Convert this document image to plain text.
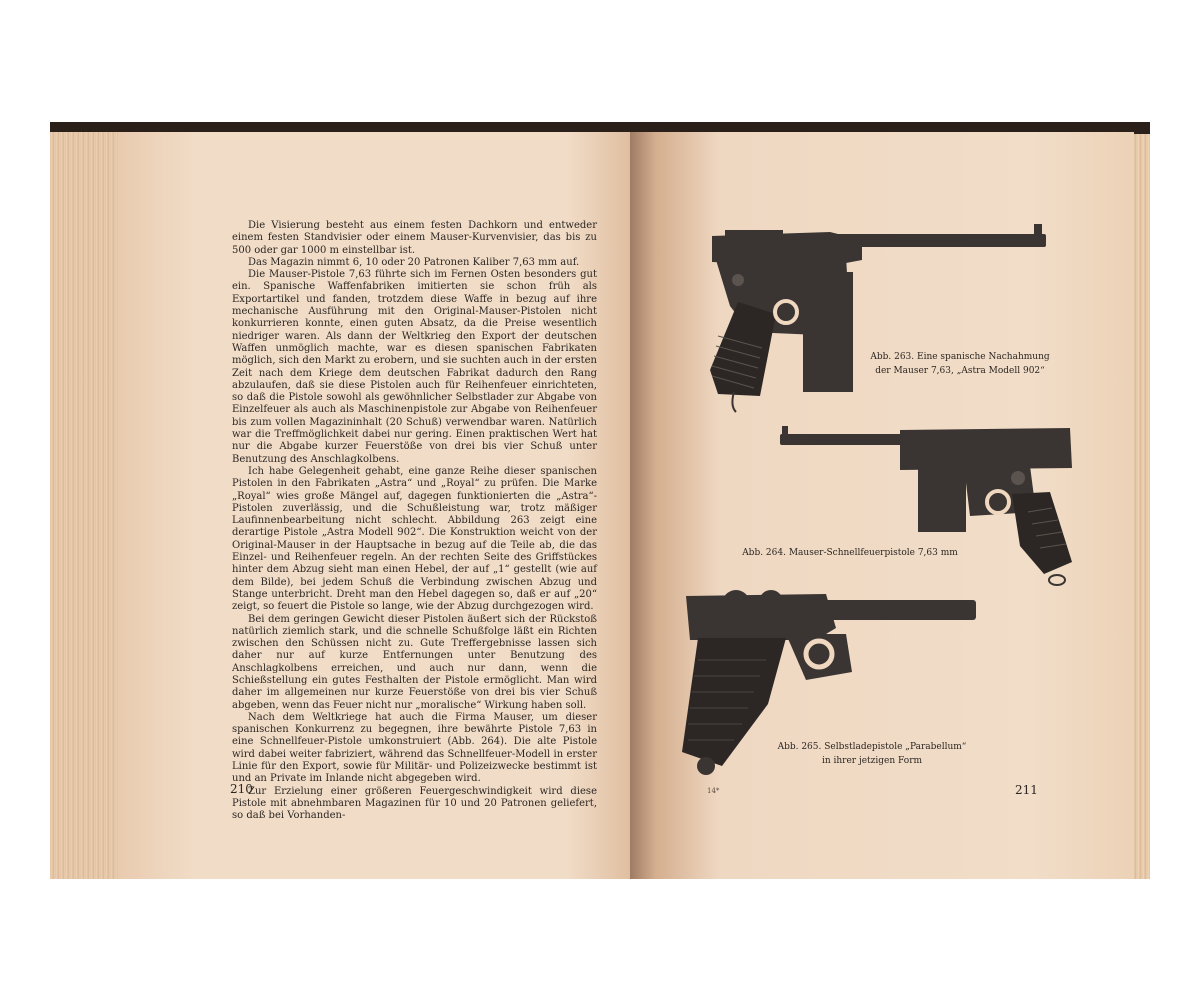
Die Visierung besteht aus einem festen Dachkorn und entweder einem festen Standvisier oder einem Mauser-Kurvenvisier, das bis zu 500 oder gar 1000 m einstellbar ist.

Das Magazin nimmt 6, 10 oder 20 Patronen Kaliber 7,63 mm auf.

Die Mauser-Pistole 7,63 führte sich im Fernen Osten besonders gut ein. Spanische Waffenfabriken imitierten sie schon früh als Exportartikel und fanden, trotzdem diese Waffe in bezug auf ihre mechanische Ausführung mit den Original-Mauser-Pistolen nicht konkurrieren konnte, einen guten Absatz, da die Preise wesentlich niedriger waren. Als dann der Weltkrieg den Export der deutschen Waffen unmöglich machte, war es diesen spanischen Fabrikaten möglich, sich den Markt zu erobern, und sie suchten auch in der ersten Zeit nach dem Kriege dem deutschen Fabrikat dadurch den Rang abzulaufen, daß sie diese Pistolen auch für Reihenfeuer einrichteten, so daß die Pistole sowohl als gewöhnlicher Selbstlader zur Abgabe von Einzelfeuer als auch als Maschinenpistole zur Abgabe von Reihenfeuer bis zum vollen Magazininhalt (20 Schuß) verwendbar waren. Natürlich war die Treffmöglichkeit dabei nur gering. Einen praktischen Wert hat nur die Abgabe kurzer Feuerstöße von drei bis vier Schuß unter Benutzung des Anschlagkolbens.

Ich habe Gelegenheit gehabt, eine ganze Reihe dieser spanischen Pistolen in den Fabrikaten „Astra“ und „Royal“ zu prüfen. Die Marke „Royal“ wies große Mängel auf, dagegen funktionierten die „Astra“-Pistolen zuverlässig, und die Schußleistung war, trotz mäßiger Laufinnenbearbeitung nicht schlecht. Abbildung 263 zeigt eine derartige Pistole „Astra Modell 902“. Die Konstruktion weicht von der Original-Mauser in der Hauptsache in bezug auf die Teile ab, die das Einzel- und Reihenfeuer regeln. An der rechten Seite des Griffstückes hinter dem Abzug sieht man einen Hebel, der auf „1“ gestellt (wie auf dem Bilde), bei jedem Schuß die Verbindung zwischen Abzug und Stange unterbricht. Dreht man den Hebel dagegen so, daß er auf „20“ zeigt, so feuert die Pistole so lange, wie der Abzug durchgezogen wird.

Bei dem geringen Gewicht dieser Pistolen äußert sich der Rückstoß natürlich ziemlich stark, und die schnelle Schußfolge läßt ein Richten zwischen den Schüssen nicht zu. Gute Treffergebnisse lassen sich daher nur auf kurze Entfernungen unter Benutzung des Anschlagkolbens erreichen, und auch nur dann, wenn die Schießstellung ein gutes Festhalten der Pistole ermöglicht. Man wird daher im allgemeinen nur kurze Feuerstöße von drei bis vier Schuß abgeben, wenn das Feuer nicht nur „moralische“ Wirkung haben soll.

Nach dem Weltkriege hat auch die Firma Mauser, um dieser spanischen Konkurrenz zu begegnen, ihre bewährte Pistole 7,63 in eine Schnellfeuer-Pistole umkonstruiert (Abb. 264). Die alte Pistole wird dabei weiter fabriziert, während das Schnellfeuer-Modell in erster Linie für den Export, sowie für Militär- und Polizeizwecke bestimmt ist und an Private im Inlande nicht abgegeben wird.

Zur Erzielung einer größeren Feuergeschwindigkeit wird diese Pistole mit abnehmbaren Magazinen für 10 und 20 Patronen geliefert, so daß bei Vorhanden-

210
Abb. 263. Eine spanische Nachahmung
der Mauser 7,63, „Astra Modell 902“
Abb. 264. Mauser-Schnellfeuerpistole 7,63 mm
Abb. 265. Selbstladepistole „Parabellum“
in ihrer jetzigen Form
14*	211
